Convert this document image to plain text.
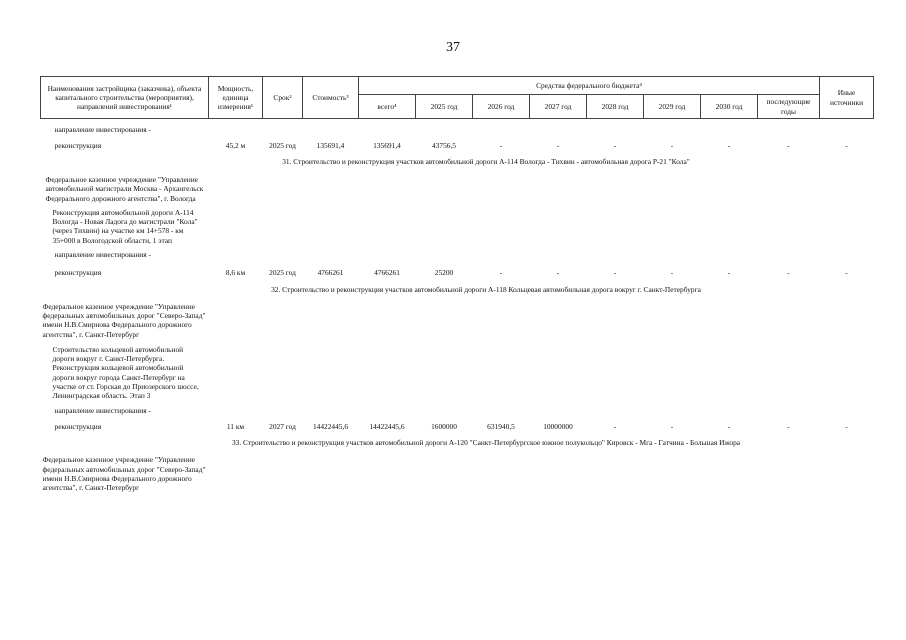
37
Наименования застройщика (заказчика), объекта капитального строительства (мероприятия), направлений инвестирования¹	Мощность, единица измерения¹	Срок²	Стоимость³	Средства федерального бюджета⁴								Иные источники
				всего⁴	2025 год	2026 год	2027 год	2028 год	2029 год	2030 год	последующие годы	

направление инвестирования -												
реконструкция	45,2 м	2025 год	135691,4	135691,4	43756,5	-	-	-	-	-	-	-
31. Строительство и реконструкция участков автомобильной дороги А-114 Вологда - Тихвин - автомобильная дорога Р-21 "Кола"												
Федеральное казенное учреждение "Управление автомобильной магистрали Москва - Архангельск Федерального дорожного агентства", г. Вологда												
Реконструкция автомобильной дороги А-114 Вологда - Новая Ладога до магистрали "Кола" (через Тихвин) на участке км 14+578 - км 35+000 в Вологодской области, 1 этап												
направление инвестирования -												
реконструкция	8,6 км	2025 год	4766261	4766261	25200	-	-	-	-	-	-	-
32. Строительство и реконструкция участков автомобильной дороги А-118 Кольцевая автомобильная дорога вокруг г. Санкт-Петербурга												
Федеральное казенное учреждение "Управление федеральных автомобильных дорог "Северо-Запад" имени Н.В.Смирнова Федерального дорожного агентства", г. Санкт-Петербург												
Строительство кольцевой автомобильной дороги вокруг г. Санкт-Петербурга. Реконструкция кольцевой автомобильной дороги вокруг города Санкт-Петербург на участке от ст. Горская до Приозерского шоссе, Ленинградская область. Этап 3												
направление инвестирования -												
реконструкция	11 км	2027 год	14422445,6	14422445,6	1600000	631940,5	10000000	-	-	-	-	-
33. Строительство и реконструкция участков автомобильной дороги А-120 "Санкт-Петербургское южное полукольцо" Кировск - Мга - Гатчина - Большая Ижора												
Федеральное казенное учреждение "Управление федеральных автомобильных дорог "Северо-Запад" имени Н.В.Смирнова Федерального дорожного агентства", г. Санкт-Петербург												
